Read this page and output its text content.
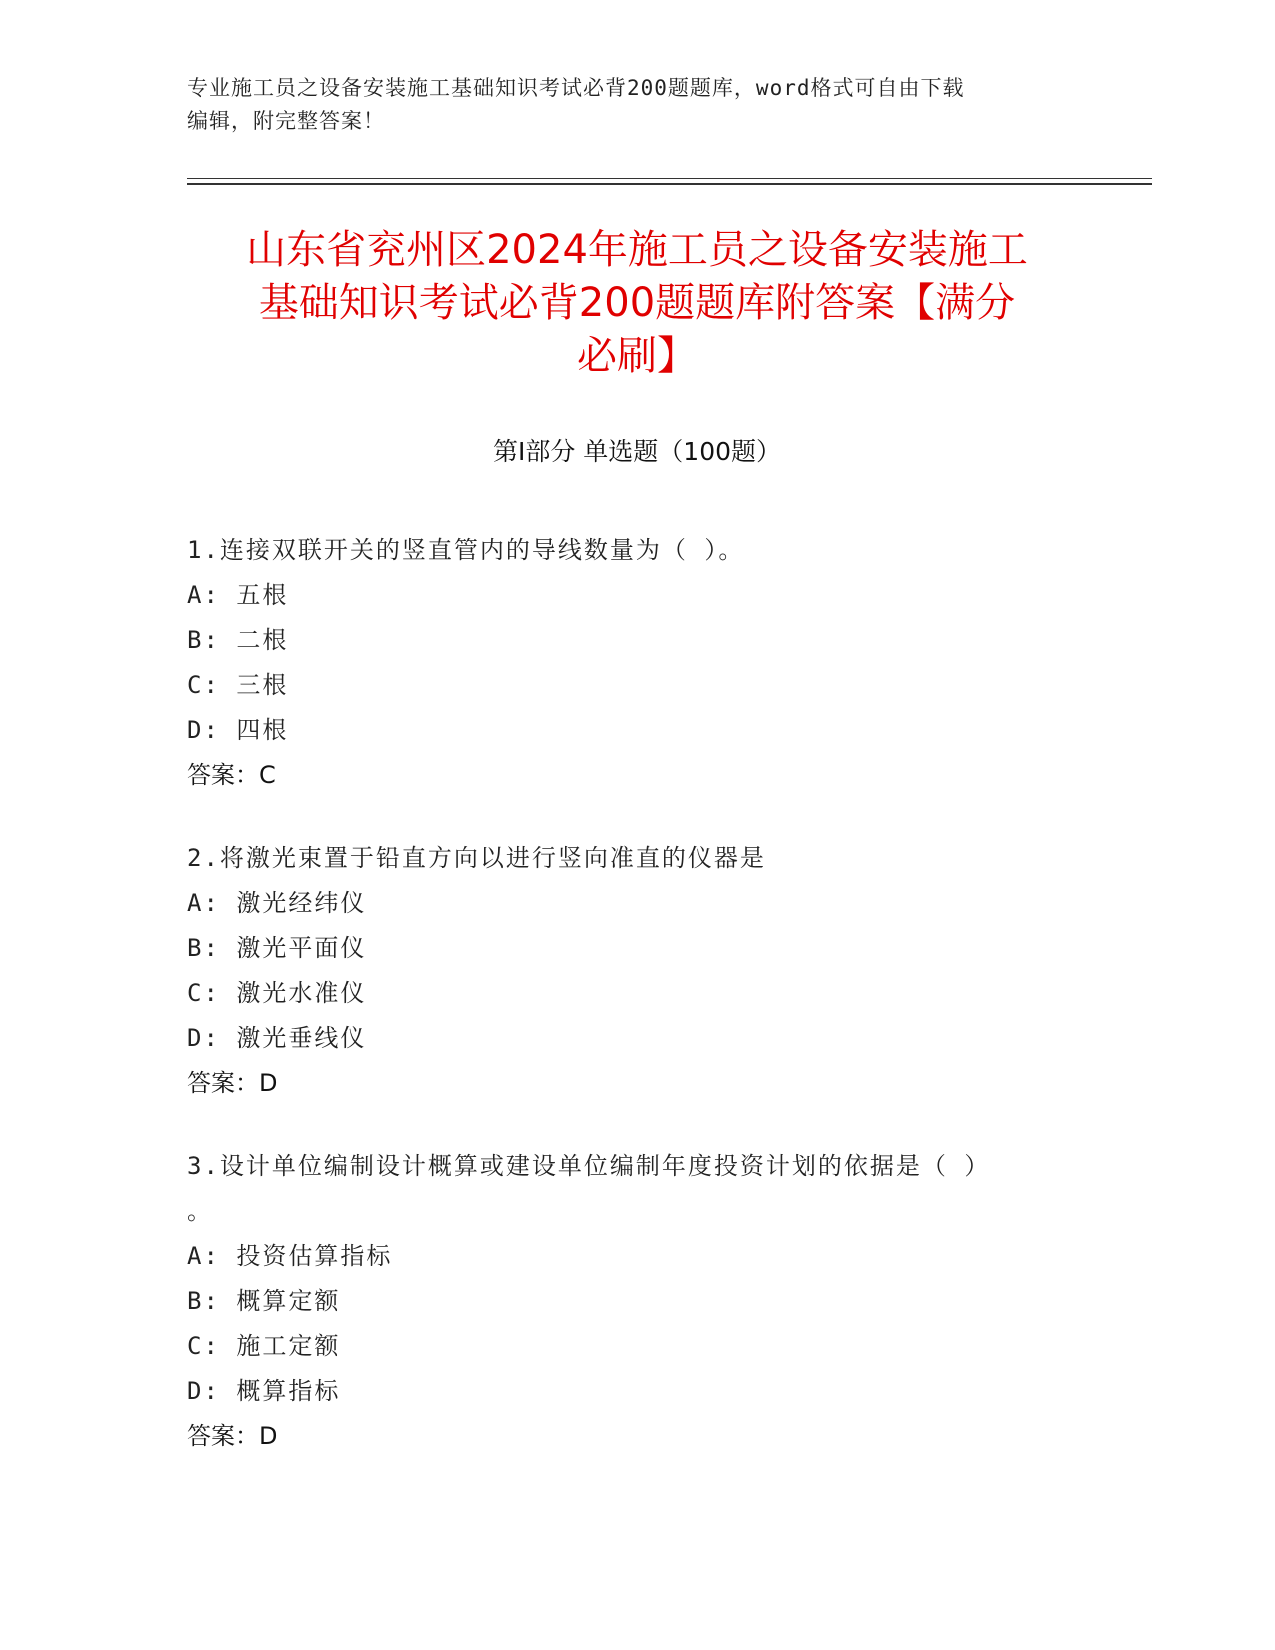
专业施工员之设备安装施工基础知识考试必背200题题库，word格式可自由下载
编辑，附完整答案！
山东省兖州区2024年施工员之设备安装施工
基础知识考试必背200题题库附答案【满分
必刷】
第Ⅰ部分 单选题（100题）
1.连接双联开关的竖直管内的导线数量为（ ）。
A: 五根
B: 二根
C: 三根
D: 四根
答案：C
2.将激光束置于铅直方向以进行竖向准直的仪器是
A: 激光经纬仪
B: 激光平面仪
C: 激光水准仪
D: 激光垂线仪
答案：D
3.设计单位编制设计概算或建设单位编制年度投资计划的依据是（ ）
。
A: 投资估算指标
B: 概算定额
C: 施工定额
D: 概算指标
答案：D
